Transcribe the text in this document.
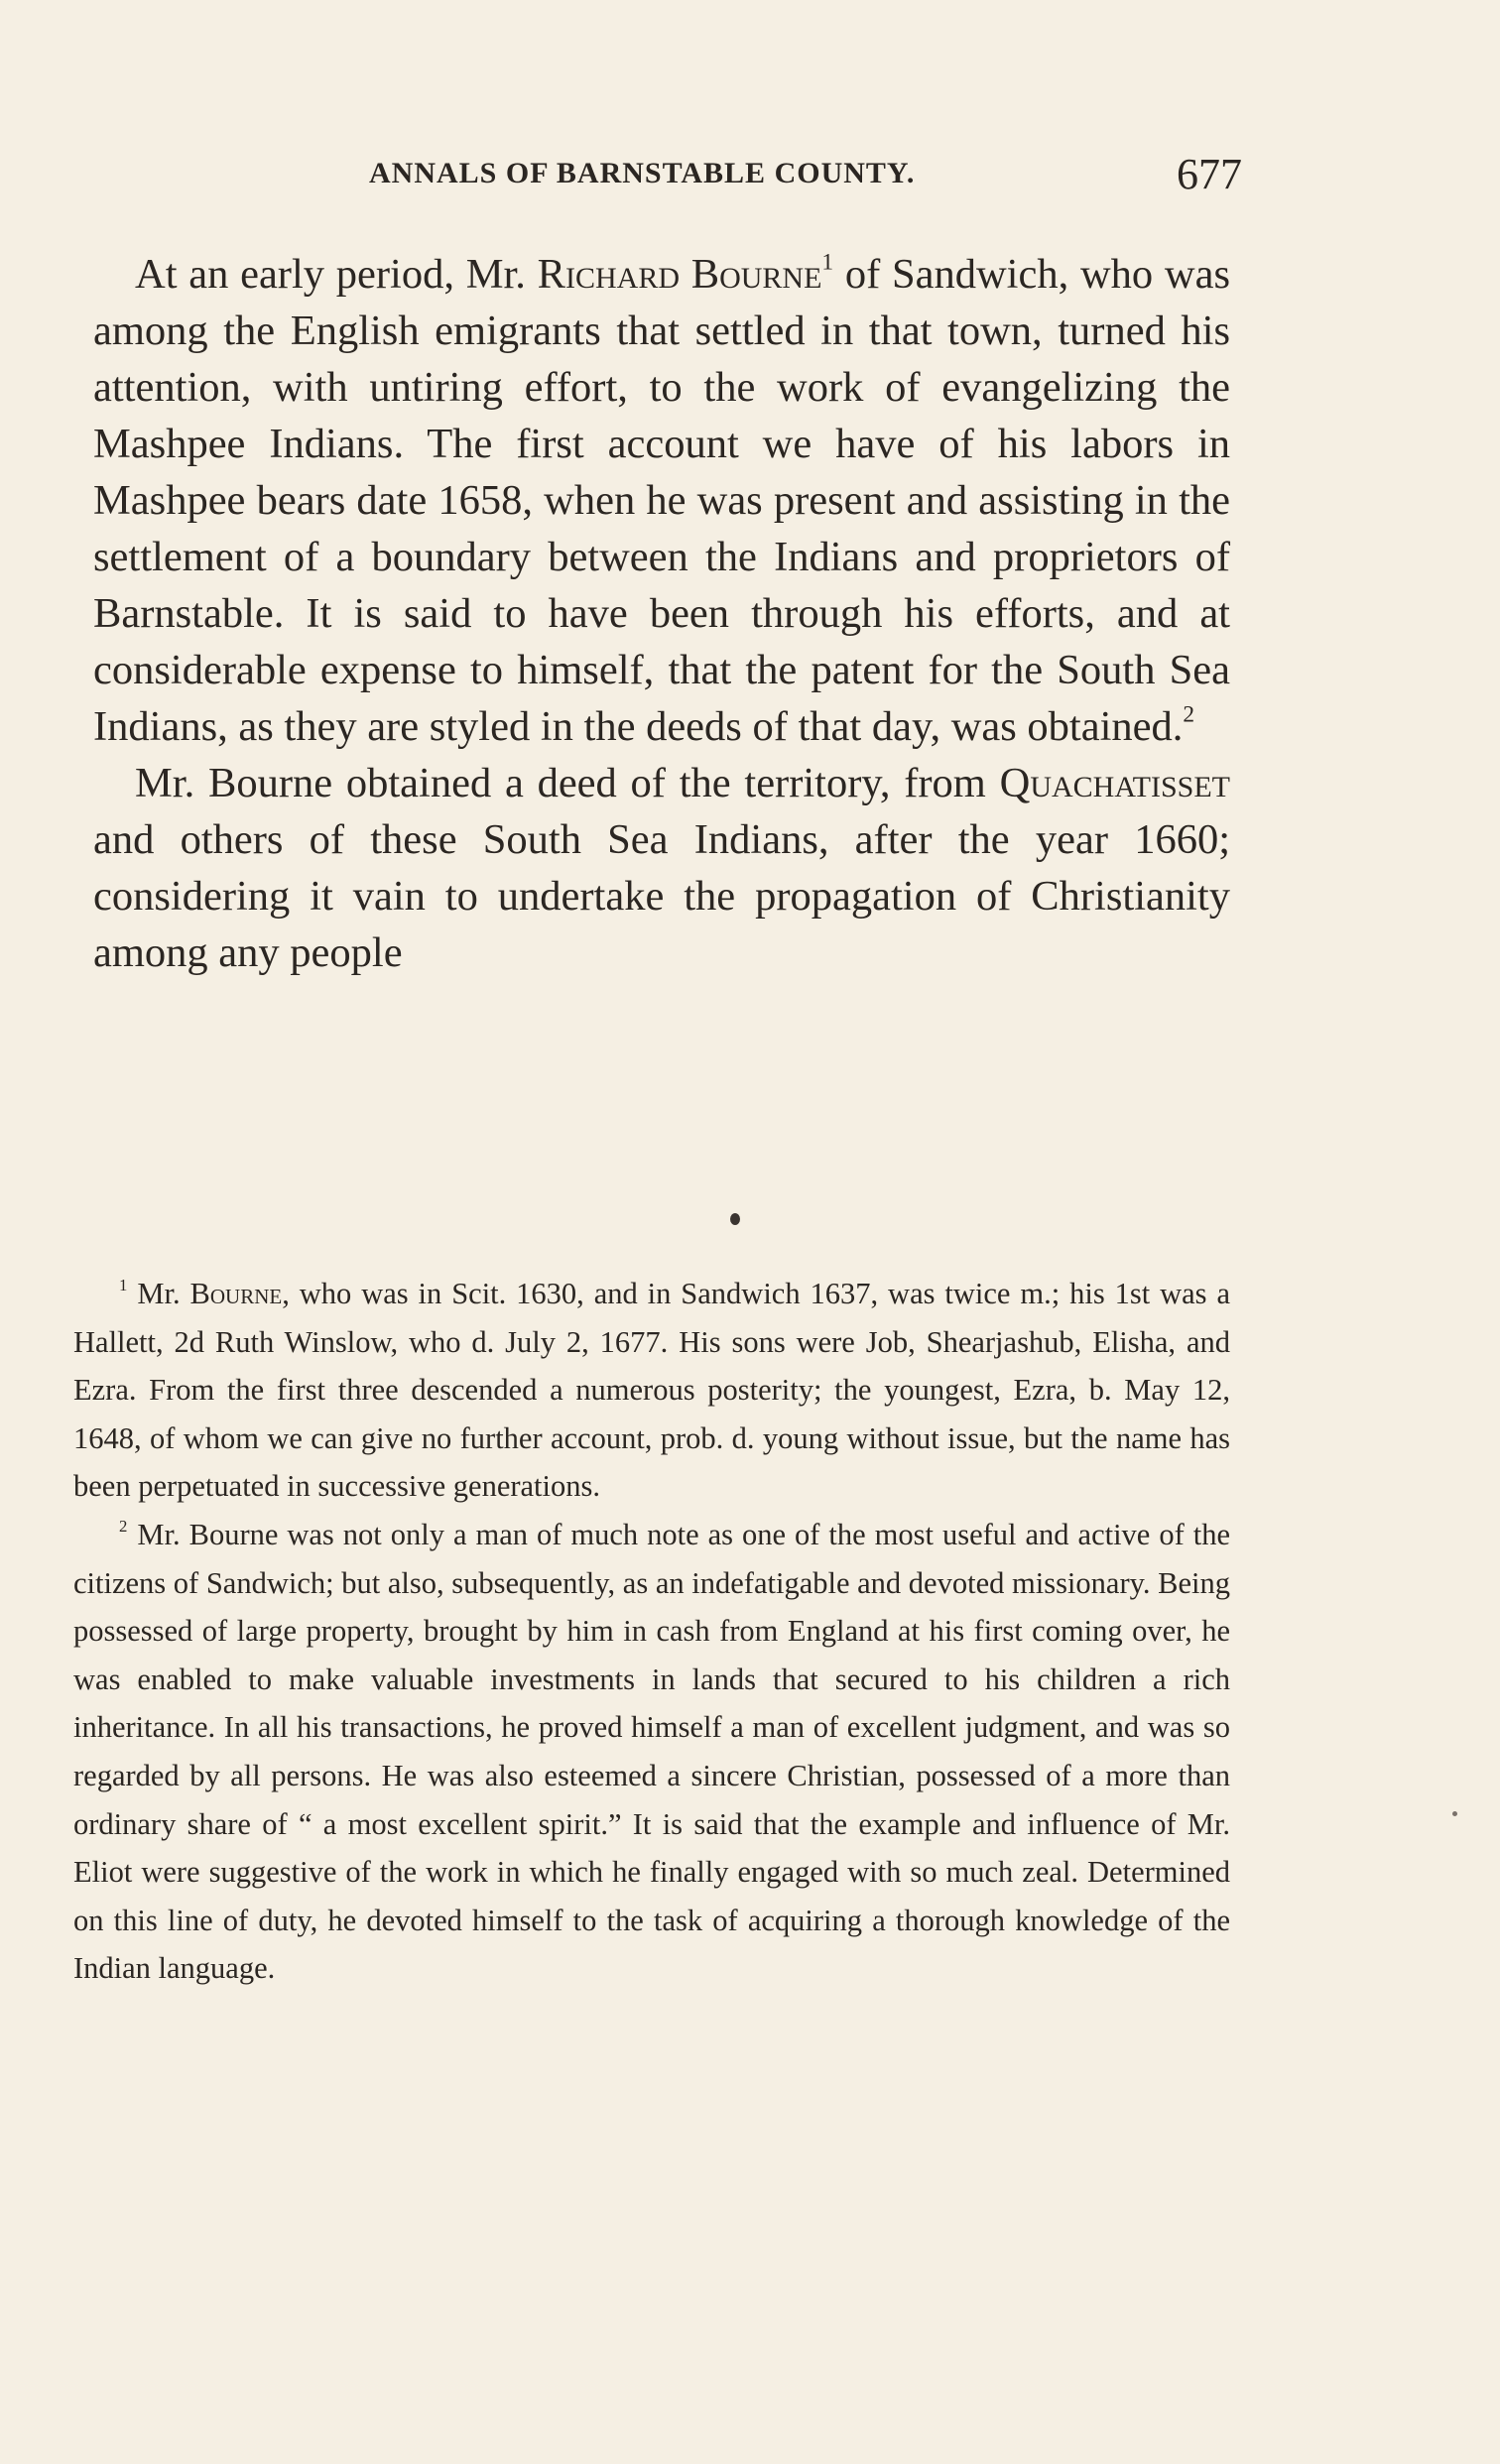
ANNALS OF BARNSTABLE COUNTY.	677

At an early period, Mr. Richard Bourne$^1$ of Sandwich, who was among the English emigrants that settled in that town, turned his attention, with untiring effort, to the work of evangelizing the Mashpee Indians. The first account we have of his labors in Mashpee bears date 1658, when he was present and assisting in the settlement of a boundary between the Indians and proprietors of Barnstable. It is said to have been through his efforts, and at considerable expense to himself, that the patent for the South Sea Indians, as they are styled in the deeds of that day, was obtained.$^2$

Mr. Bourne obtained a deed of the territory, from Quachatisset and others of these South Sea Indians, after the year 1660; considering it vain to undertake the propagation of Christianity among any people

$^1$ Mr. Bourne, who was in Scit. 1630, and in Sandwich 1637, was twice m.; his 1st was a Hallett, 2d Ruth Winslow, who d. July 2, 1677. His sons were Job, Shearjashub, Elisha, and Ezra. From the first three descended a numerous posterity; the youngest, Ezra, b. May 12, 1648, of whom we can give no further account, prob. d. young without issue, but the name has been perpetuated in successive generations.

$^2$ Mr. Bourne was not only a man of much note as one of the most useful and active of the citizens of Sandwich; but also, subsequently, as an indefatigable and devoted missionary. Being possessed of large property, brought by him in cash from England at his first coming over, he was enabled to make valuable investments in lands that secured to his children a rich inheritance. In all his transactions, he proved himself a man of excellent judgment, and was so regarded by all persons. He was also esteemed a sincere Christian, possessed of a more than ordinary share of “ a most excellent spirit.” It is said that the example and influence of Mr. Eliot were suggestive of the work in which he finally engaged with so much zeal. Determined on this line of duty, he devoted himself to the task of acquiring a thorough knowledge of the Indian language.
